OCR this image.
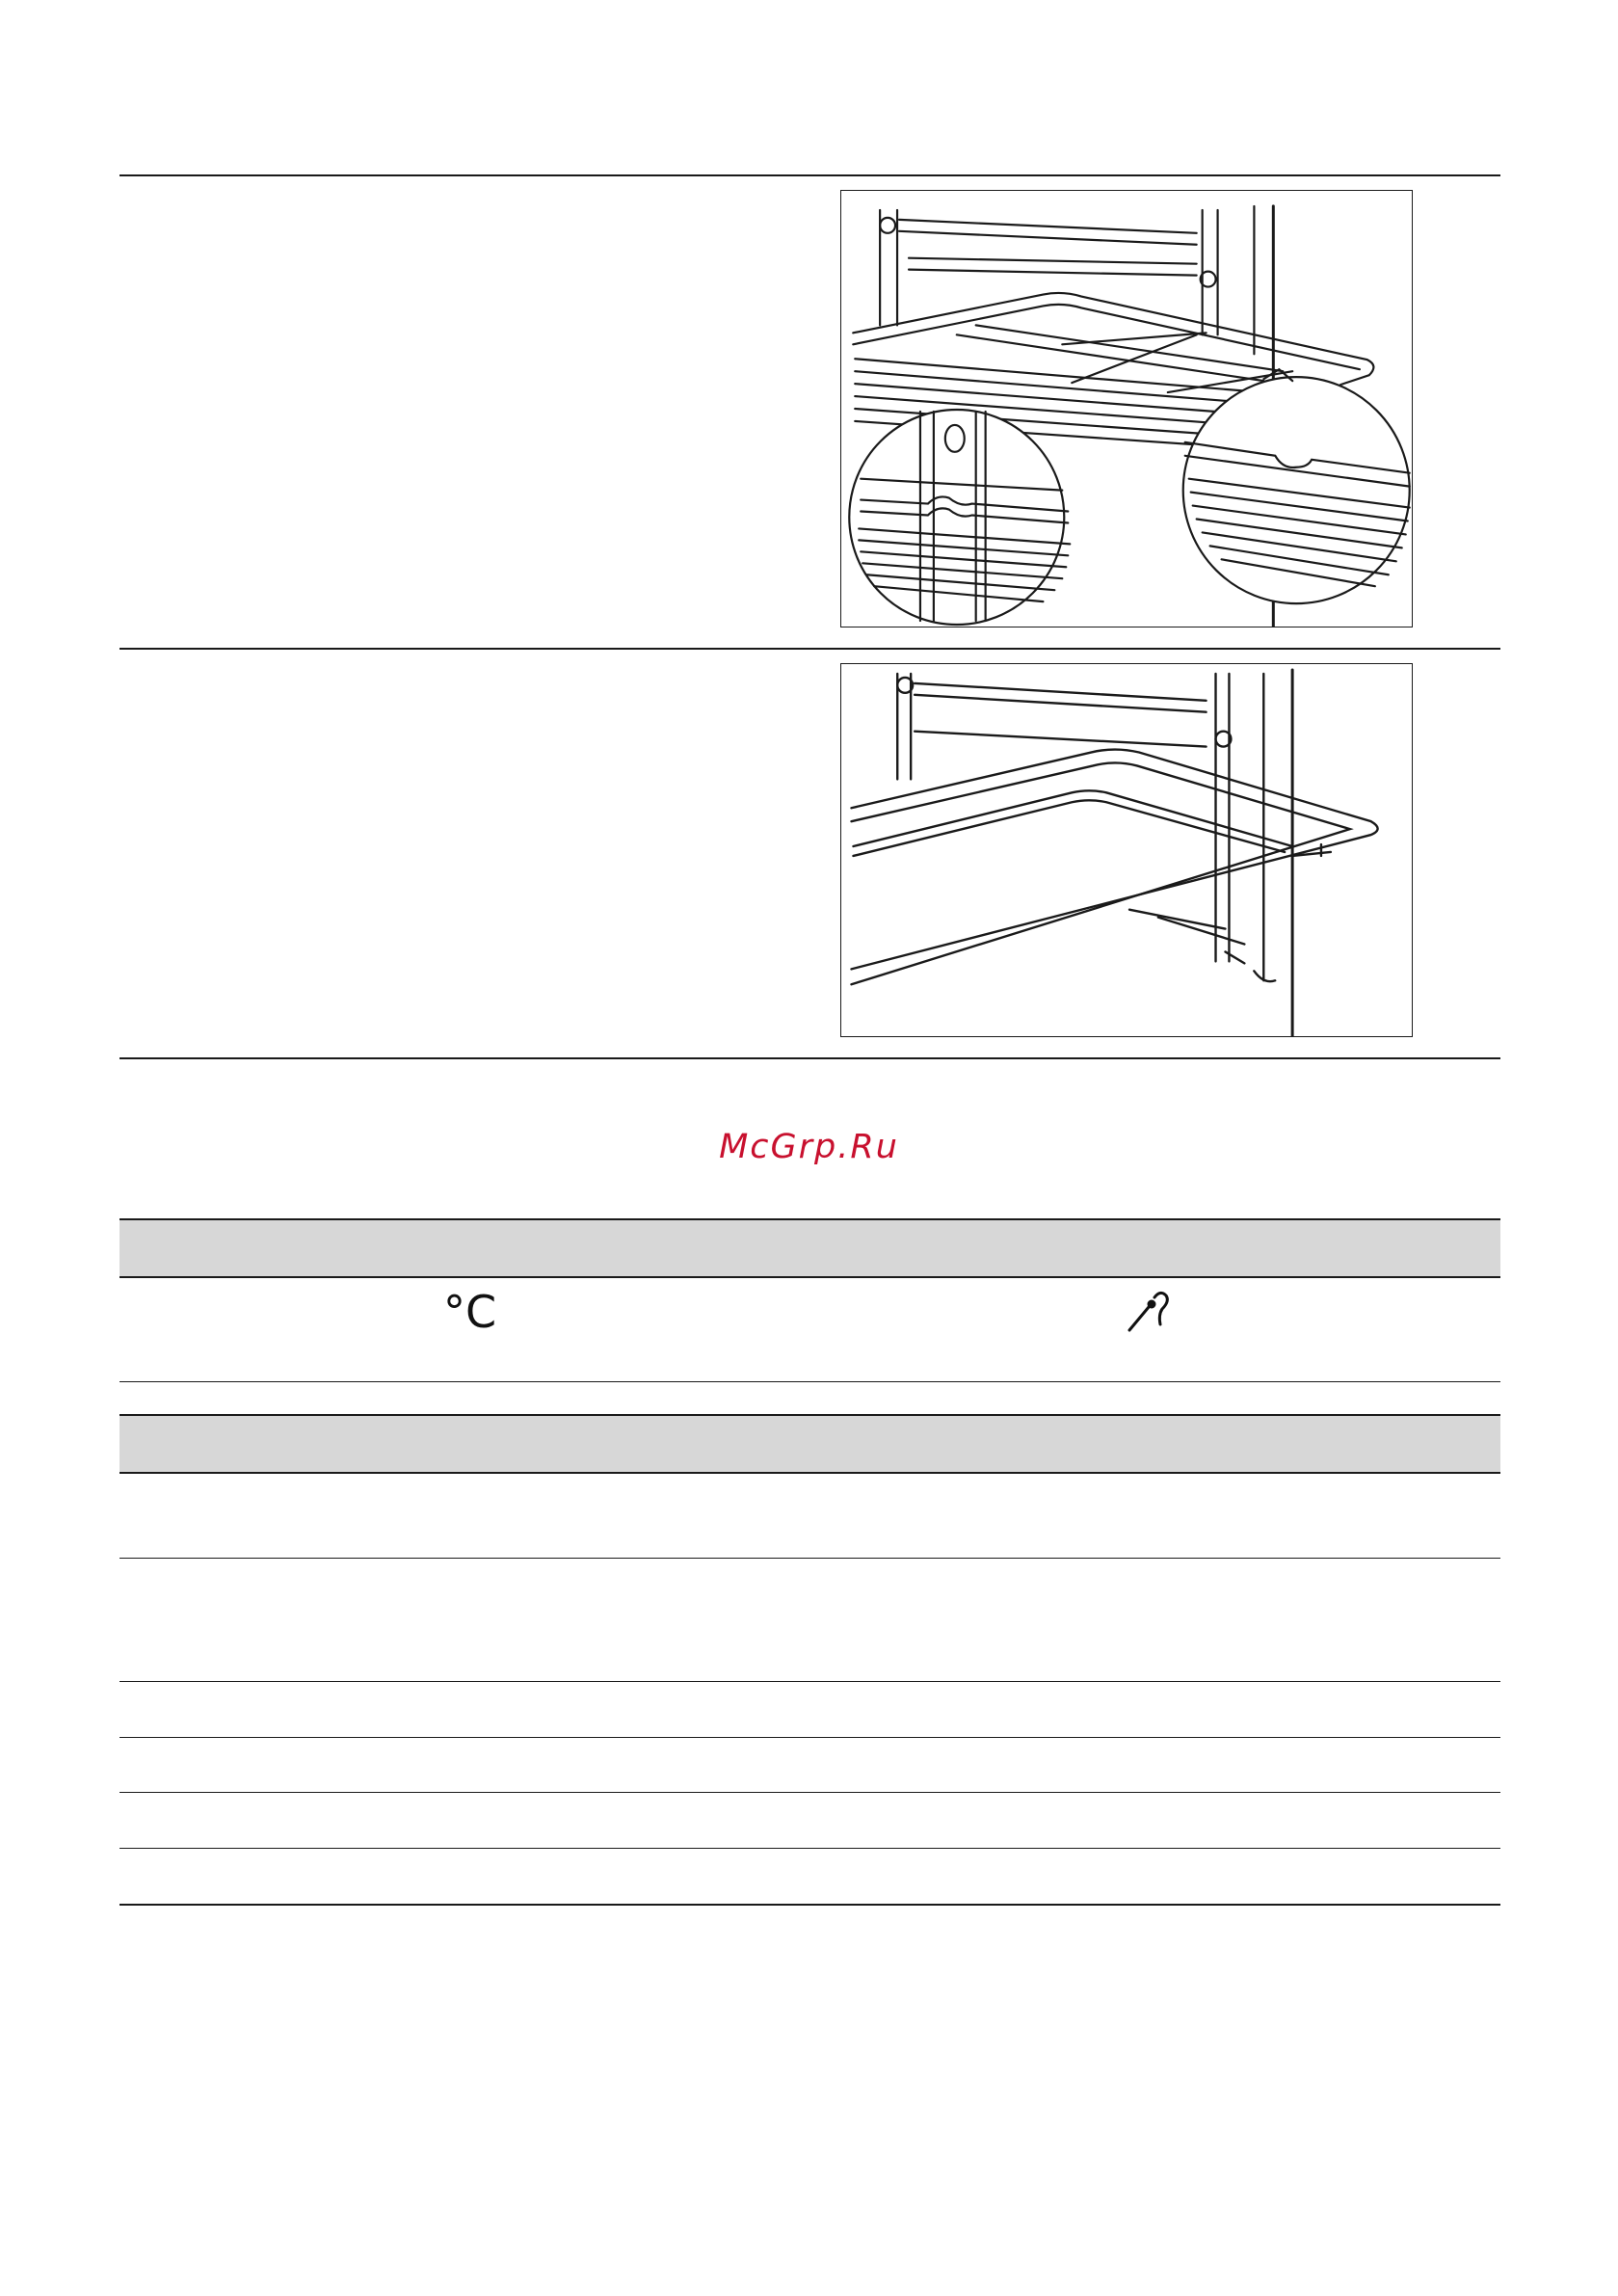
McGrp.Ru
°C
